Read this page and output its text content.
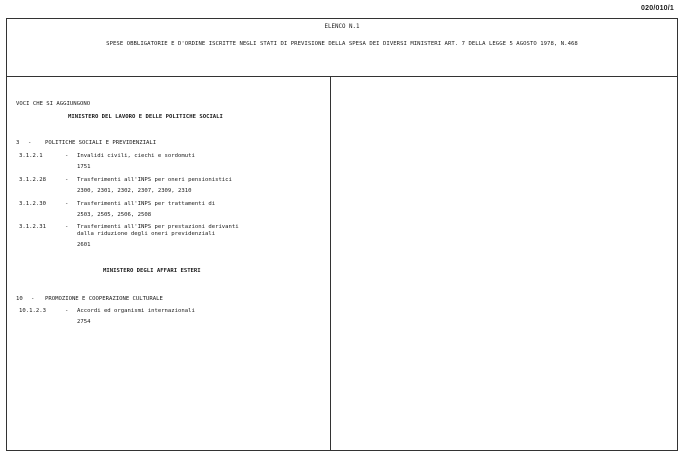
020/010/1
ELENCO N.1
SPESE OBBLIGATORIE E D'ORDINE ISCRITTE NEGLI STATI DI PREVISIONE DELLA SPESA DEI DIVERSI MINISTERI ART. 7 DELLA LEGGE 5 AGOSTO 1978, N.468
VOCI CHE SI AGGIUNGONO
MINISTERO DEL LAVORO E DELLE POLITICHE SOCIALI
3 - POLITICHE SOCIALI E PREVIDENZIALI
3.1.2.1	- Invalidi civili, ciechi e sordomuti
1751
3.1.2.28	- Trasferimenti all'INPS per oneri pensionistici
2300, 2301, 2302, 2307, 2309, 2310
3.1.2.30	- Trasferimenti all'INPS per trattamenti di
2503, 2505, 2506, 2508
3.1.2.31	- Trasferimenti all'INPS per prestazioni derivanti
dalla riduzione degli oneri previdenziali
2601
MINISTERO DEGLI AFFARI ESTERI
10 - PROMOZIONE E COOPERAZIONE CULTURALE
10.1.2.3	- Accordi ed organismi internazionali
2754
